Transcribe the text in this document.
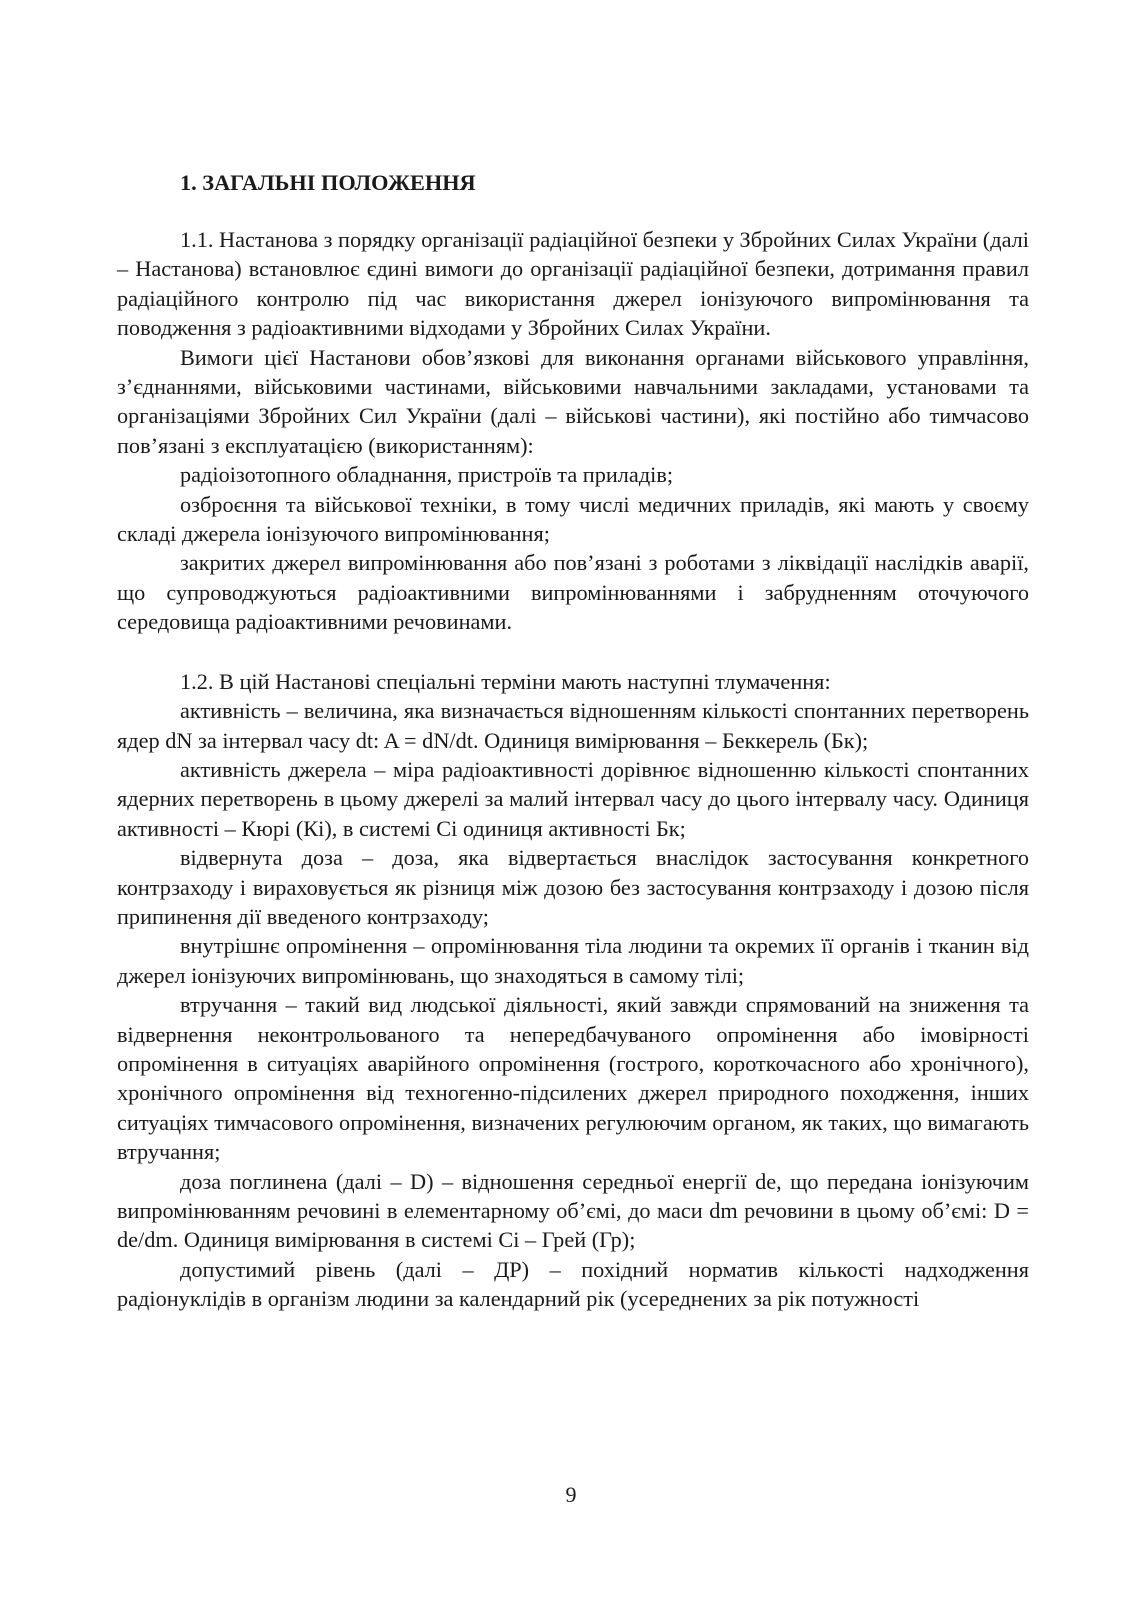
1. ЗАГАЛЬНІ ПОЛОЖЕННЯ

1.1. Настанова з порядку організації радіаційної безпеки у Збройних Силах України (далі – Настанова) встановлює єдині вимоги до організації радіаційної безпеки, дотримання правил радіаційного контролю під час використання джерел іонізуючого випромінювання та поводження з радіоактивними відходами у Збройних Силах України.

Вимоги цієї Настанови обов’язкові для виконання органами військового управління, з’єднаннями, військовими частинами, військовими навчальними закладами, установами та організаціями Збройних Сил України (далі – військові частини), які постійно або тимчасово пов’язані з експлуатацією (використанням):

радіоізотопного обладнання, пристроїв та приладів;

озброєння та військової техніки, в тому числі медичних приладів, які мають у своєму складі джерела іонізуючого випромінювання;

закритих джерел випромінювання або пов’язані з роботами з ліквідації наслідків аварії, що супроводжуються радіоактивними випромінюваннями і забрудненням оточуючого середовища радіоактивними речовинами.

1.2. В цій Настанові спеціальні терміни мають наступні тлумачення:

активність – величина, яка визначається відношенням кількості спонтанних перетворень ядер dN за інтервал часу dt: A = dN/dt. Одиниця вимірювання – Беккерель (Бк);

активність джерела – міра радіоактивності дорівнює відношенню кількості спонтанних ядерних перетворень в цьому джерелі за малий інтервал часу до цього інтервалу часу. Одиниця активності – Кюрі (Кі), в системі Сі одиниця активності Бк;

відвернута доза – доза, яка відвертається внаслідок застосування конкретного контрзаходу і вираховується як різниця між дозою без застосування контрзаходу і дозою після припинення дії введеного контрзаходу;

внутрішнє опромінення – опромінювання тіла людини та окремих її органів і тканин від джерел іонізуючих випромінювань, що знаходяться в самому тілі;

втручання – такий вид людської діяльності, який завжди спрямований на зниження та відвернення неконтрольованого та непередбачуваного опромінення або імовірності опромінення в ситуаціях аварійного опромінення (гострого, короткочасного або хронічного), хронічного опромінення від техногенно-підсилених джерел природного походження, інших ситуаціях тимчасового опромінення, визначених регулюючим органом, як таких, що вимагають втручання;

доза поглинена (далі – D) – відношення середньої енергії de, що передана іонізуючим випромінюванням речовині в елементарному об’ємі, до маси dm речовини в цьому об’ємі: D = de/dm. Одиниця вимірювання в системі Сі – Грей (Гр);

допустимий рівень (далі – ДР) – похідний норматив кількості надходження радіонуклідів в організм людини за календарний рік (усереднених за рік потужності

9
